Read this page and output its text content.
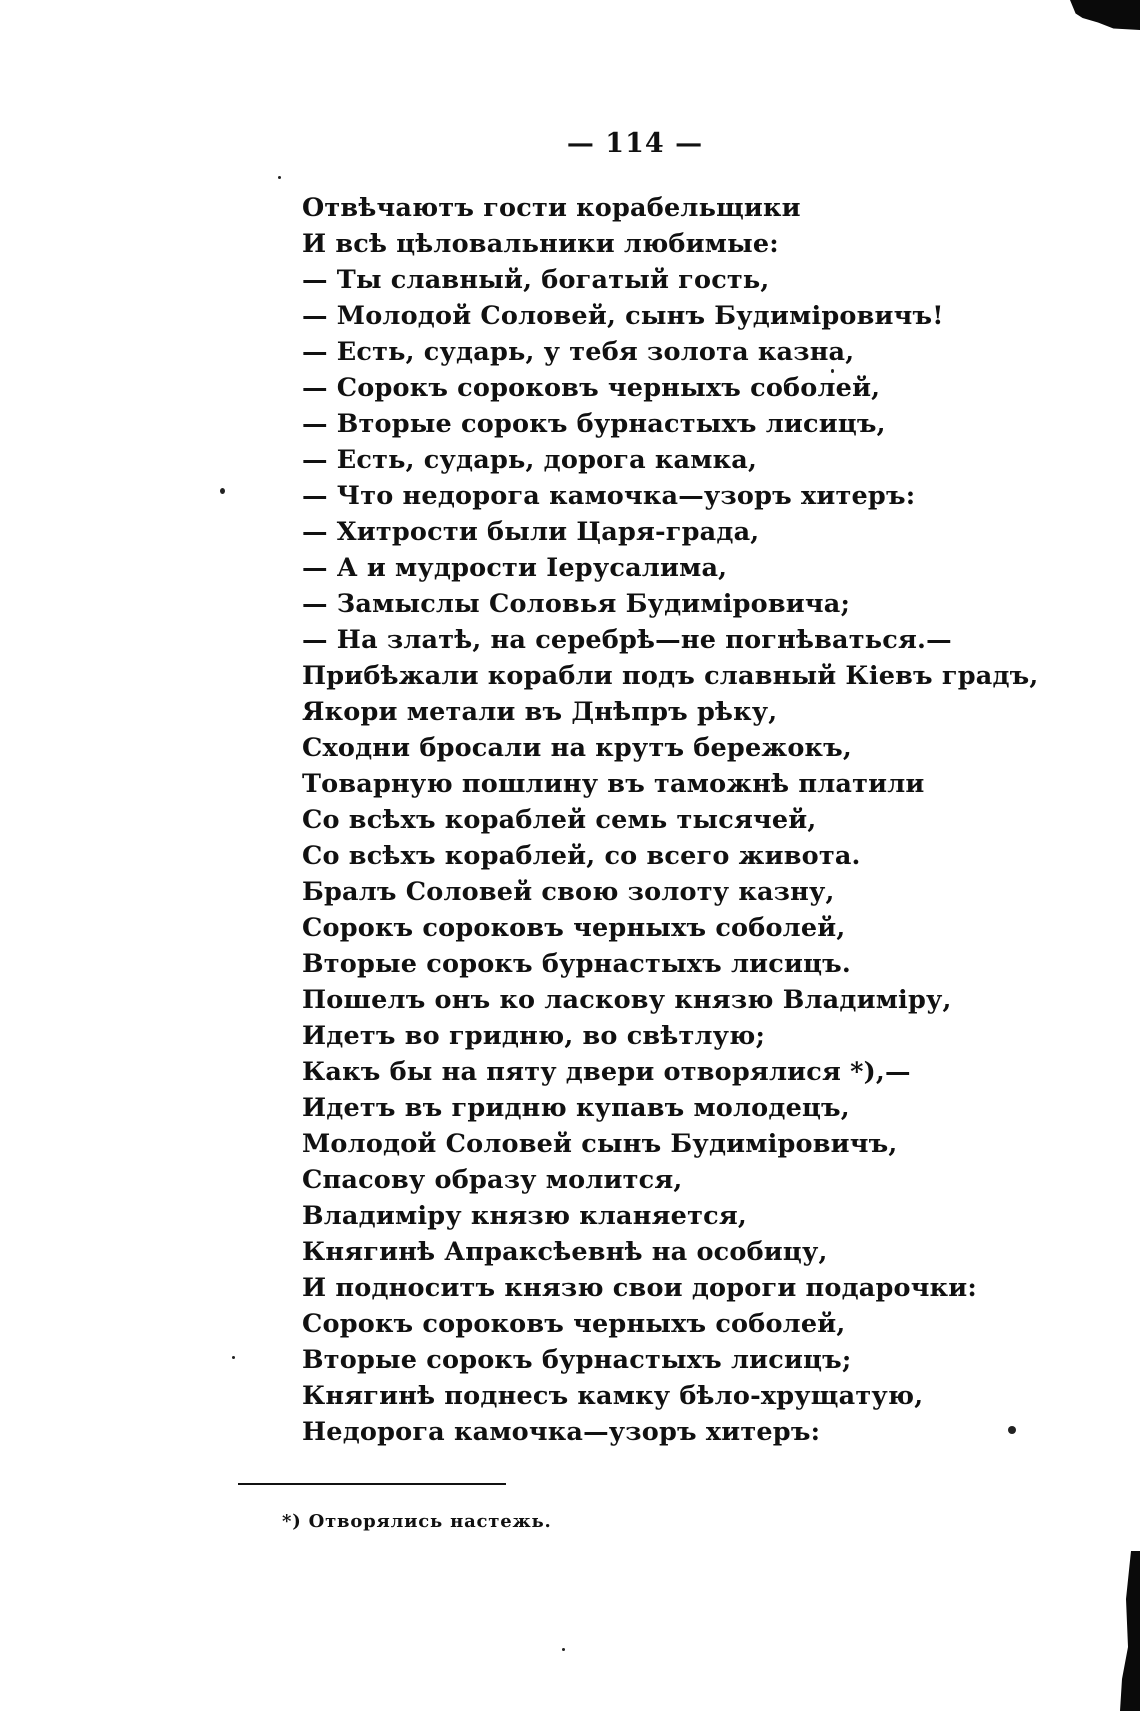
— 114 —
Отвѣчаютъ гости корабельщики
И всѣ цѣловальники любимые:
— Ты славный, богатый гость,
— Молодой Соловей, сынъ Будимiровичъ!
— Есть, сударь, у тебя золота казна,
— Сорокъ сороковъ черныхъ соболей,
— Вторые сорокъ бурнастыхъ лисицъ,
— Есть, сударь, дорога камка,
— Что недорога камочка—узоръ хитеръ:
— Хитрости были Царя-града,
— А и мудрости Iерусалима,
— Замыслы Соловья Будимiровича;
— На златѣ, на серебрѣ—не погнѣваться.—
Прибѣжали корабли подъ славный Кiевъ градъ,
Якори метали въ Днѣпръ рѣку,
Сходни бросали на крутъ бережокъ,
Товарную пошлину въ таможнѣ платили
Со всѣхъ кораблей семь тысячей,
Со всѣхъ кораблей, со всего живота.
Бралъ Соловей свою золоту казну,
Сорокъ сороковъ черныхъ соболей,
Вторые сорокъ бурнастыхъ лисицъ.
Пошелъ онъ ко ласкову князю Владимiру,
Идетъ во гридню, во свѣтлую;
Какъ бы на пяту двери отворялися *),—
Идетъ въ гридню купавъ молодецъ,
Молодой Соловей сынъ Будимiровичъ,
Спасову образу молится,
Владимiру князю кланяется,
Княгинѣ Апраксѣевнѣ на особицу,
И подноситъ князю свои дороги подарочки:
Сорокъ сороковъ черныхъ соболей,
Вторые сорокъ бурнастыхъ лисицъ;
Княгинѣ поднесъ камку бѣло-хрущатую,
Недорога камочка—узоръ хитеръ:
*) Отворялись настежь.
